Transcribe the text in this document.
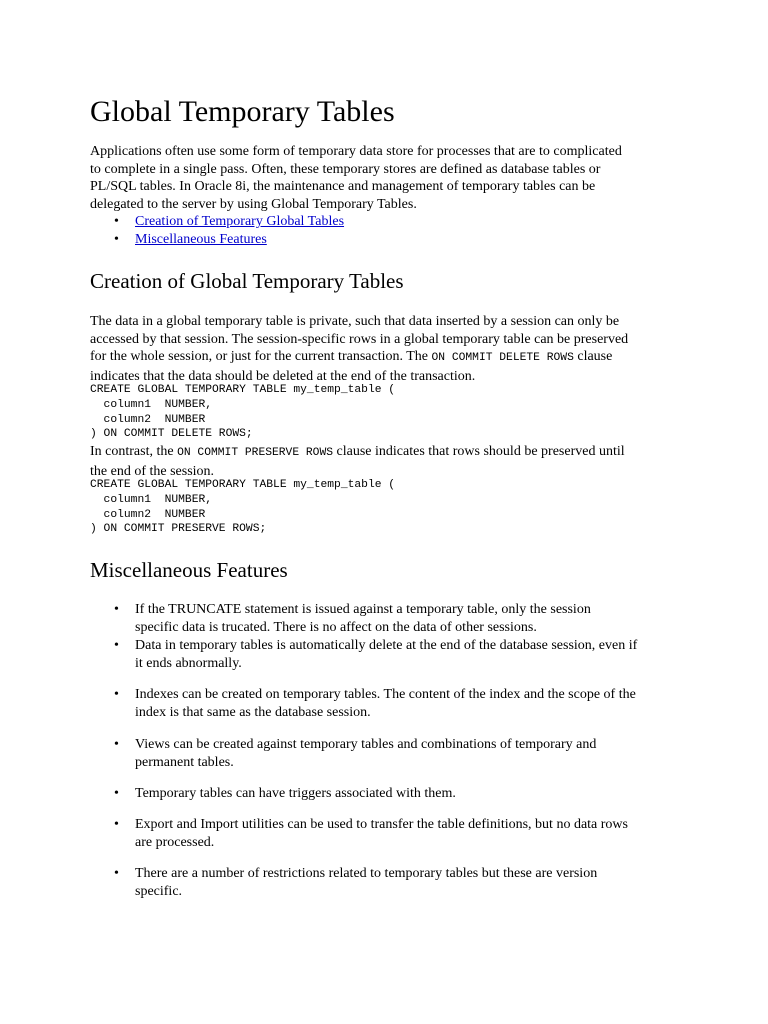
Global Temporary Tables
Applications often use some form of temporary data store for processes that are to complicated
to complete in a single pass. Often, these temporary stores are defined as database tables or
PL/SQL tables. In Oracle 8i, the maintenance and management of temporary tables can be
delegated to the server by using Global Temporary Tables.
• Creation of Temporary Global Tables
• Miscellaneous Features
Creation of Global Temporary Tables
The data in a global temporary table is private, such that data inserted by a session can only be
accessed by that session. The session-specific rows in a global temporary table can be preserved
for the whole session, or just for the current transaction. The ON COMMIT DELETE ROWS clause
indicates that the data should be deleted at the end of the transaction.
CREATE GLOBAL TEMPORARY TABLE my_temp_table (
column1  NUMBER,
column2  NUMBER
) ON COMMIT DELETE ROWS;
In contrast, the ON COMMIT PRESERVE ROWS clause indicates that rows should be preserved until
the end of the session.
CREATE GLOBAL TEMPORARY TABLE my_temp_table (
column1  NUMBER,
column2  NUMBER
) ON COMMIT PRESERVE ROWS;
Miscellaneous Features
• If the TRUNCATE statement is issued against a temporary table, only the session
specific data is trucated. There is no affect on the data of other sessions.
• Data in temporary tables is automatically delete at the end of the database session, even if
it ends abnormally.
• Indexes can be created on temporary tables. The content of the index and the scope of the
index is that same as the database session.
• Views can be created against temporary tables and combinations of temporary and
permanent tables.
• Temporary tables can have triggers associated with them.
• Export and Import utilities can be used to transfer the table definitions, but no data rows
are processed.
• There are a number of restrictions related to temporary tables but these are version
specific.
